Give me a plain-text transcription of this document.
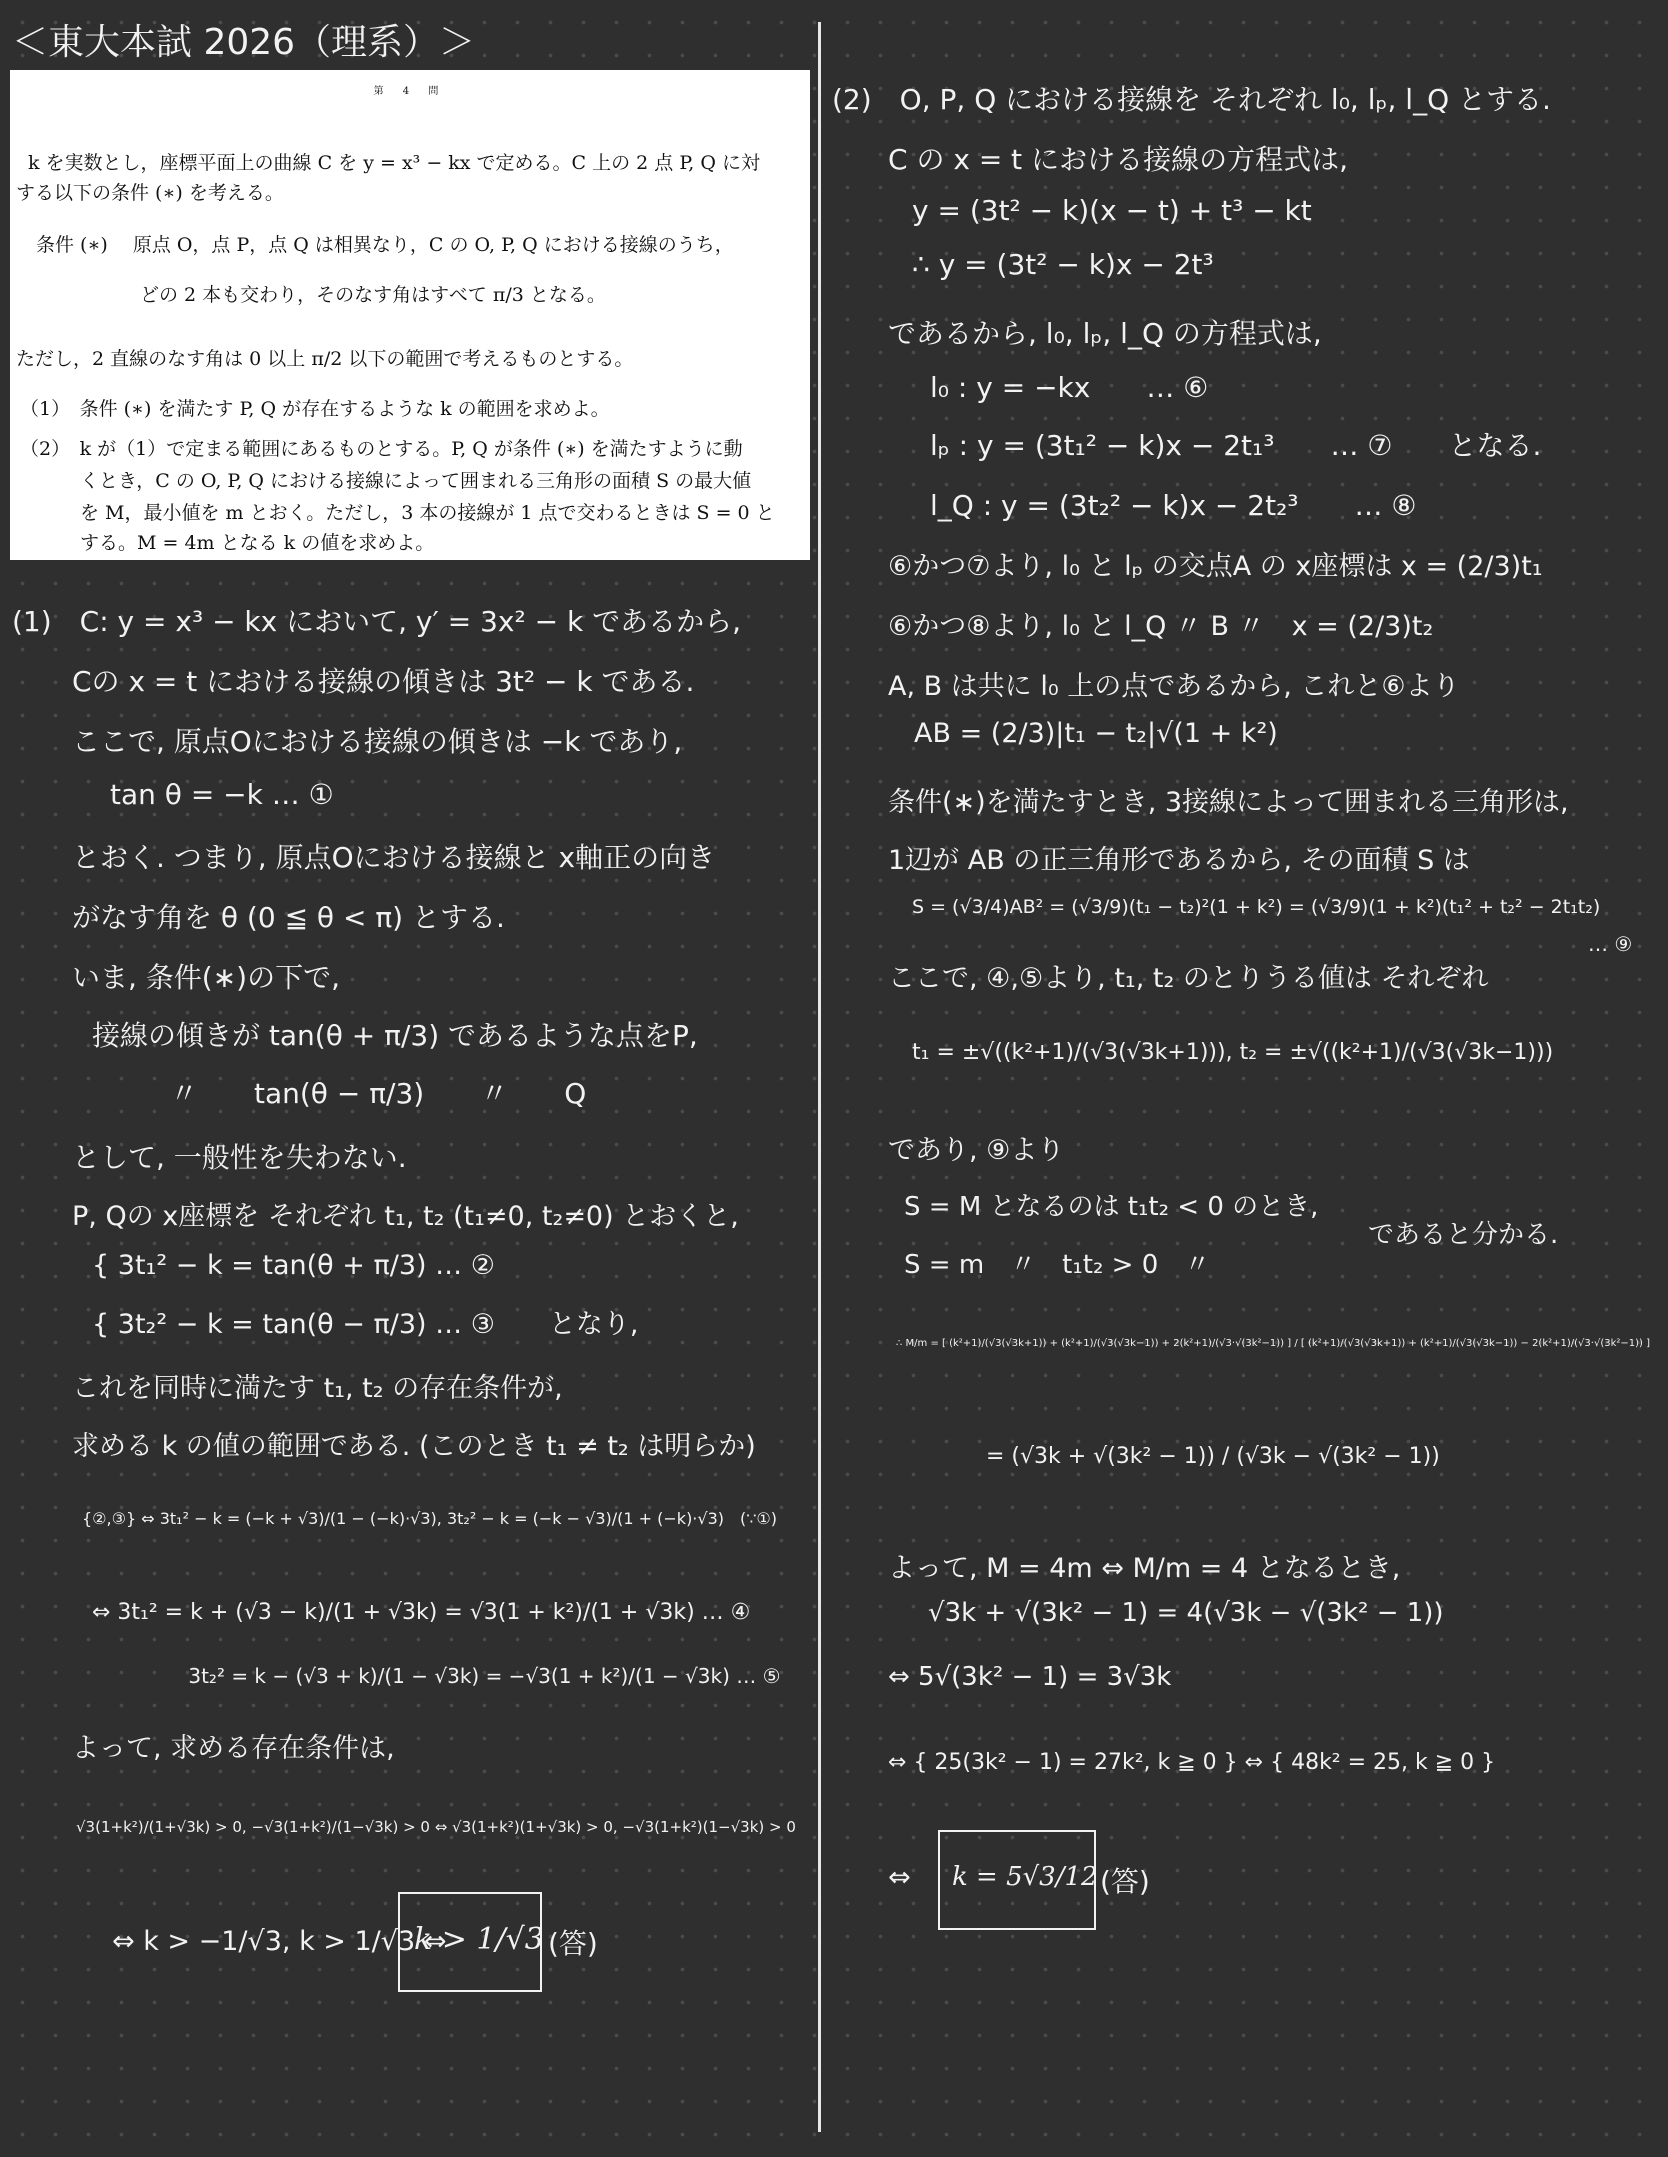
＜東大本試 2026（理系）＞
第 4 問
k を実数とし，座標平面上の曲線 C を y = x³ − kx で定める。C 上の 2 点 P, Q に対
する以下の条件 (∗) を考える。
条件 (∗)　 原点 O，点 P，点 Q は相異なり，C の O, P, Q における接線のうち，
どの 2 本も交わり，そのなす角はすべて π/3 となる。
ただし，2 直線のなす角は 0 以上 π/2 以下の範囲で考えるものとする。
（1）　条件 (∗) を満たす P, Q が存在するような k の範囲を求めよ。
（2）　k が（1）で定まる範囲にあるものとする。P, Q が条件 (∗) を満たすように動
くとき，C の O, P, Q における接線によって囲まれる三角形の面積 S の最大値
を M，最小値を m とおく。ただし，3 本の接線が 1 点で交わるときは S = 0 と
する。M = 4m となる k の値を求めよ。
(1)　C: y = x³ − kx において, y′ = 3x² − k であるから,
Cの x = t における接線の傾きは 3t² − k である.
ここで, 原点Oにおける接線の傾きは −k であり,
tan θ = −k … ①
とおく. つまり, 原点Oにおける接線と x軸正の向き
がなす角を θ (0 ≦ θ < π) とする.
いま, 条件(∗)の下で,
接線の傾きが tan(θ + π/3) であるような点をP,
〃　　tan(θ − π/3)　　〃　　Q
として, 一般性を失わない.
P, Qの x座標を それぞれ t₁, t₂ (t₁≠0, t₂≠0) とおくと,
{ 3t₁² − k = tan(θ + π/3) … ②
{ 3t₂² − k = tan(θ − π/3) … ③　　となり,
これを同時に満たす t₁, t₂ の存在条件が,
求める k の値の範囲である. (このとき t₁ ≠ t₂ は明らか)
{②,③} ⇔ 3t₁² − k = (−k + √3)/(1 − (−k)·√3), 3t₂² − k = (−k − √3)/(1 + (−k)·√3)　(∵①)
⇔ 3t₁² = k + (√3 − k)/(1 + √3k) = √3(1 + k²)/(1 + √3k) … ④
　 3t₂² = k − (√3 + k)/(1 − √3k) = −√3(1 + k²)/(1 − √3k) … ⑤
よって, 求める存在条件は,
√3(1+k²)/(1+√3k) > 0, −√3(1+k²)/(1−√3k) > 0 ⇔ √3(1+k²)(1+√3k) > 0, −√3(1+k²)(1−√3k) > 0
⇔ k > −1/√3, k > 1/√3 ⇔
k > 1/√3 (答)
(2)　O, P, Q における接線を それぞれ l₀, lₚ, l_Q とする.
C の x = t における接線の方程式は,
y = (3t² − k)(x − t) + t³ − kt
∴ y = (3t² − k)x − 2t³
であるから, l₀, lₚ, l_Q の方程式は,
l₀ : y = −kx　　… ⑥
lₚ : y = (3t₁² − k)x − 2t₁³　　… ⑦　　となる.
l_Q : y = (3t₂² − k)x − 2t₂³　　… ⑧
⑥かつ⑦より, l₀ と lₚ の交点A の x座標は x = (2/3)t₁
⑥かつ⑧より, l₀ と l_Q 〃 B 〃　x = (2/3)t₂
A, B は共に l₀ 上の点であるから, これと⑥より
AB = (2/3)|t₁ − t₂|√(1 + k²)
条件(∗)を満たすとき, 3接線によって囲まれる三角形は,
1辺が AB の正三角形であるから, その面積 S は
S = (√3/4)AB² = (√3/9)(t₁ − t₂)²(1 + k²) = (√3/9)(1 + k²)(t₁² + t₂² − 2t₁t₂)
… ⑨
ここで, ④,⑤より, t₁, t₂ のとりうる値は それぞれ
t₁ = ±√((k²+1)/(√3(√3k+1))), t₂ = ±√((k²+1)/(√3(√3k−1)))
であり, ⑨より
S = M となるのは t₁t₂ < 0 のとき,
S = m　〃　t₁t₂ > 0　〃
であると分かる.
∴ M/m = [ (k²+1)/(√3(√3k+1)) + (k²+1)/(√3(√3k−1)) + 2(k²+1)/(√3·√(3k²−1)) ] / [ (k²+1)/(√3(√3k+1)) + (k²+1)/(√3(√3k−1)) − 2(k²+1)/(√3·√(3k²−1)) ]
= (√3k + √(3k² − 1)) / (√3k − √(3k² − 1))
よって, M = 4m ⇔ M/m = 4 となるとき,
√3k + √(3k² − 1) = 4(√3k − √(3k² − 1))
⇔ 5√(3k² − 1) = 3√3k
⇔ { 25(3k² − 1) = 27k², k ≧ 0 } ⇔ { 48k² = 25, k ≧ 0 }
⇔ k = 5√3/12 (答)
